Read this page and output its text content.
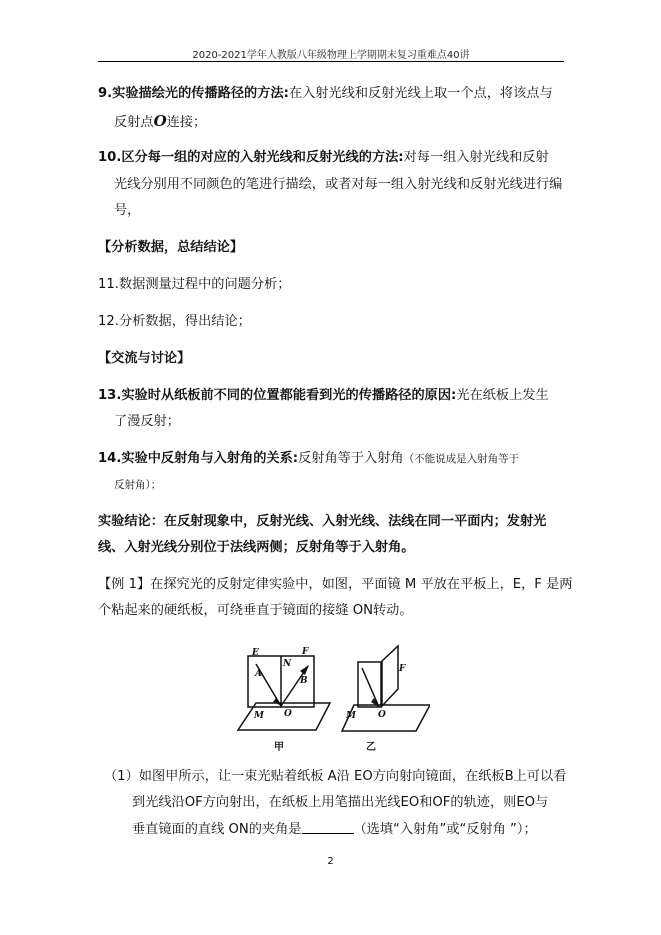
2020-2021学年人教版八年级物理上学期期末复习重难点40讲
9.实验描绘光的传播路径的方法:在入射光线和反射光线上取一个点，将该点与
反射点O连接；
10.区分每一组的对应的入射光线和反射光线的方法:对每一组入射光线和反射
光线分别用不同颜色的笔进行描绘，或者对每一组入射光线和反射光线进行编
号，
【分析数据，总结结论】
11.数据测量过程中的问题分析；
12.分析数据，得出结论；
【交流与讨论】
13.实验时从纸板前不同的位置都能看到光的传播路径的原因:光在纸板上发生
了漫反射；
14.实验中反射角与入射角的关系:反射角等于入射角（不能说成是入射角等于
反射角）；
实验结论：在反射现象中，反射光线、入射光线、法线在同一平面内；发射光
线、入射光线分别位于法线两侧；反射角等于入射角。
【例 1】在探究光的反射定律实验中，如图，平面镜 M 平放在平板上，E，F 是两
个粘起来的硬纸板，可绕垂直于镜面的接缝 ON转动。
E
N
F
A
B
M O	M O
F
甲	乙
（1）如图甲所示，让一束光贴着纸板 A沿 EO方向射向镜面，在纸板B上可以看
到光线沿OF方向射出，在纸板上用笔描出光线EO和OF的轨迹，则EO与
垂直镜面的直线 ON的夹角是	（选填“入射角”或“反射角 ”）；
2
